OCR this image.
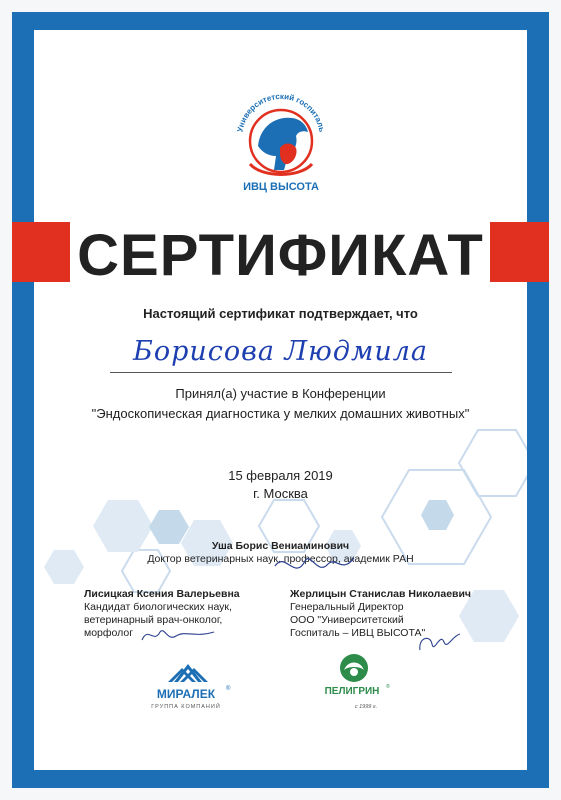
Университетский госпиталь
ИВЦ ВЫСОТА
СЕРТИФИКАТ
Настоящий сертификат подтверждает, что
Борисова Людмила
Принял(а) участие в Конференции
"Эндоскопическая диагностика у мелких домашних животных"
15 февраля 2019
г. Москва
Уша Борис Вениаминович
Доктор ветеринарных наук, профессор, академик РАН
Лисицкая Ксения Валерьевна
Кандидат биологических наук,
ветеринарный врач-онколог,
морфолог
Жерлицын Станислав Николаевич
Генеральный Директор
ООО "Университетский
Госпиталь – ИВЦ ВЫСОТА"
МИРАЛЕК ®
ГРУППА КОМПАНИЙ
ПЕЛИГРИН ®
с 1999 г.
